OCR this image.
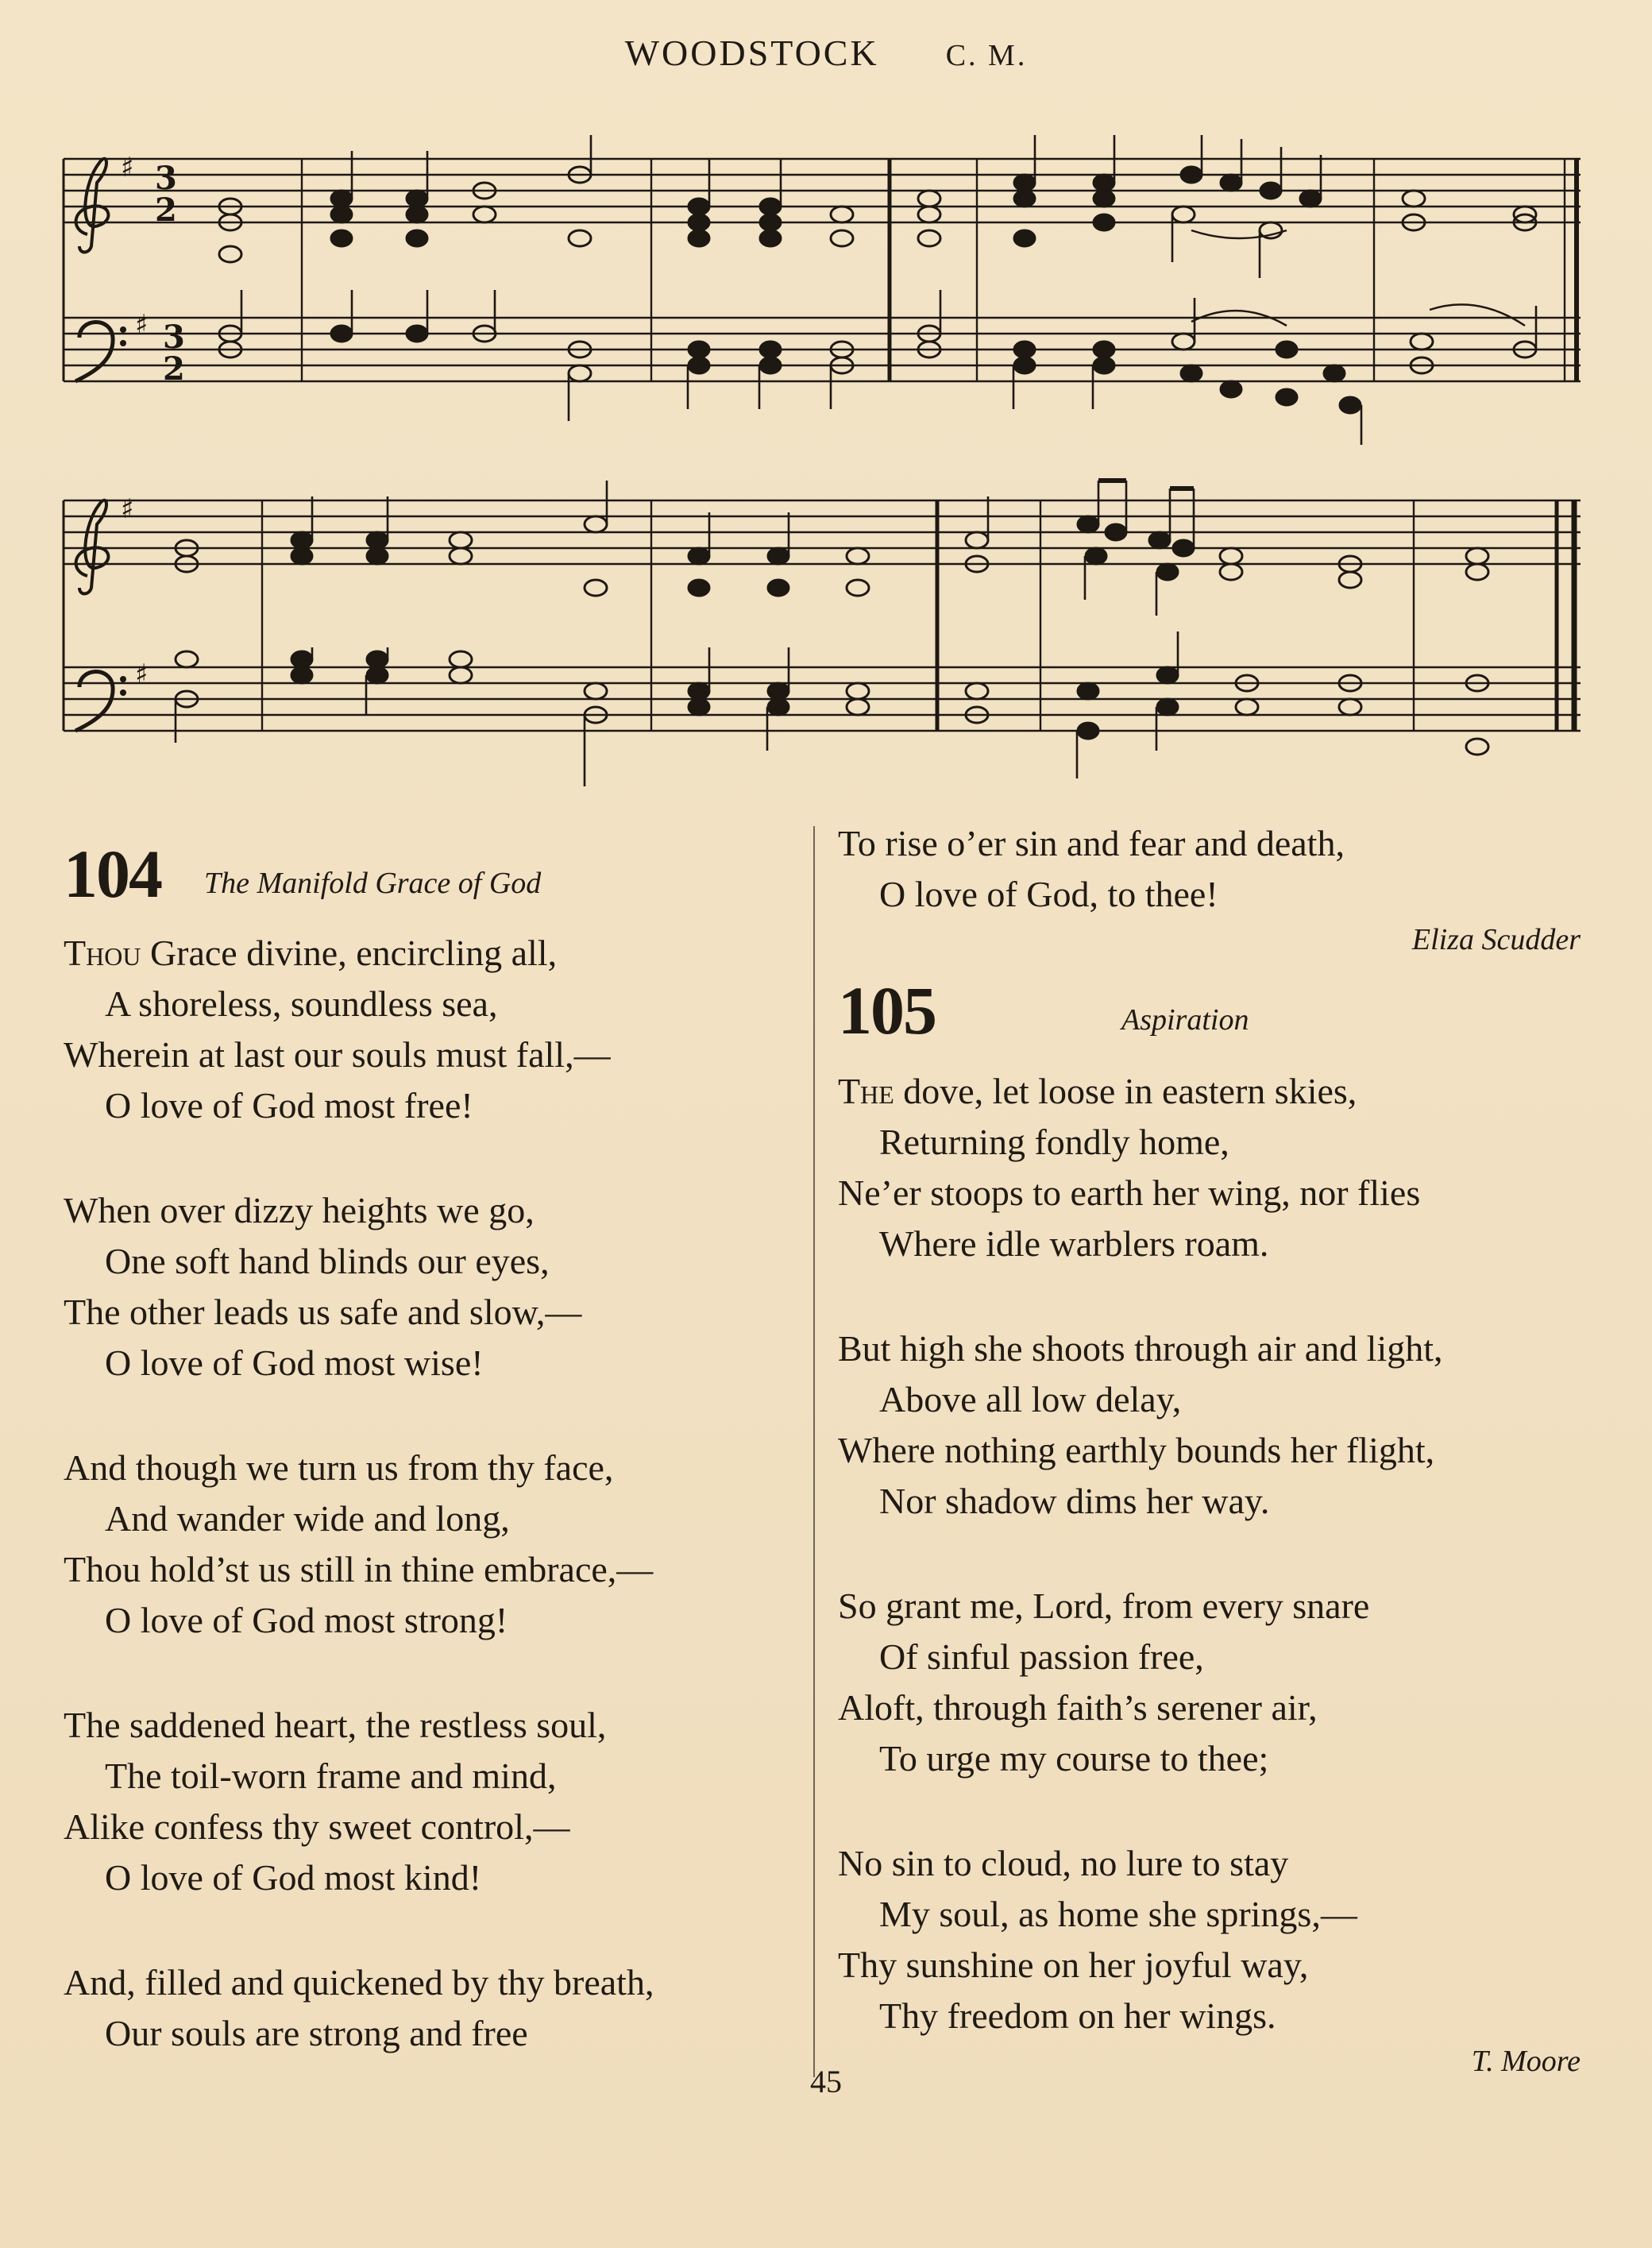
WOODSTOCK C. M.
♯
♯
3
2
3
2
♯
♯
104 The Manifold Grace of God
Thou Grace divine, encircling all,
A shoreless, soundless sea,
Wherein at last our souls must fall,—
O love of God most free!
When over dizzy heights we go,
One soft hand blinds our eyes,
The other leads us safe and slow,—
O love of God most wise!
And though we turn us from thy face,
And wander wide and long,
Thou hold’st us still in thine embrace,—
O love of God most strong!
The saddened heart, the restless soul,
The toil-worn frame and mind,
Alike confess thy sweet control,—
O love of God most kind!
And, filled and quickened by thy breath,
Our souls are strong and free
To rise o’er sin and fear and death,
O love of God, to thee!
Eliza Scudder
105	Aspiration
The dove, let loose in eastern skies,
Returning fondly home,
Ne’er stoops to earth her wing, nor flies
Where idle warblers roam.
But high she shoots through air and light,
Above all low delay,
Where nothing earthly bounds her flight,
Nor shadow dims her way.
So grant me, Lord, from every snare
Of sinful passion free,
Aloft, through faith’s serener air,
To urge my course to thee;
No sin to cloud, no lure to stay
My soul, as home she springs,—
Thy sunshine on her joyful way,
Thy freedom on her wings.
T. Moore
45
